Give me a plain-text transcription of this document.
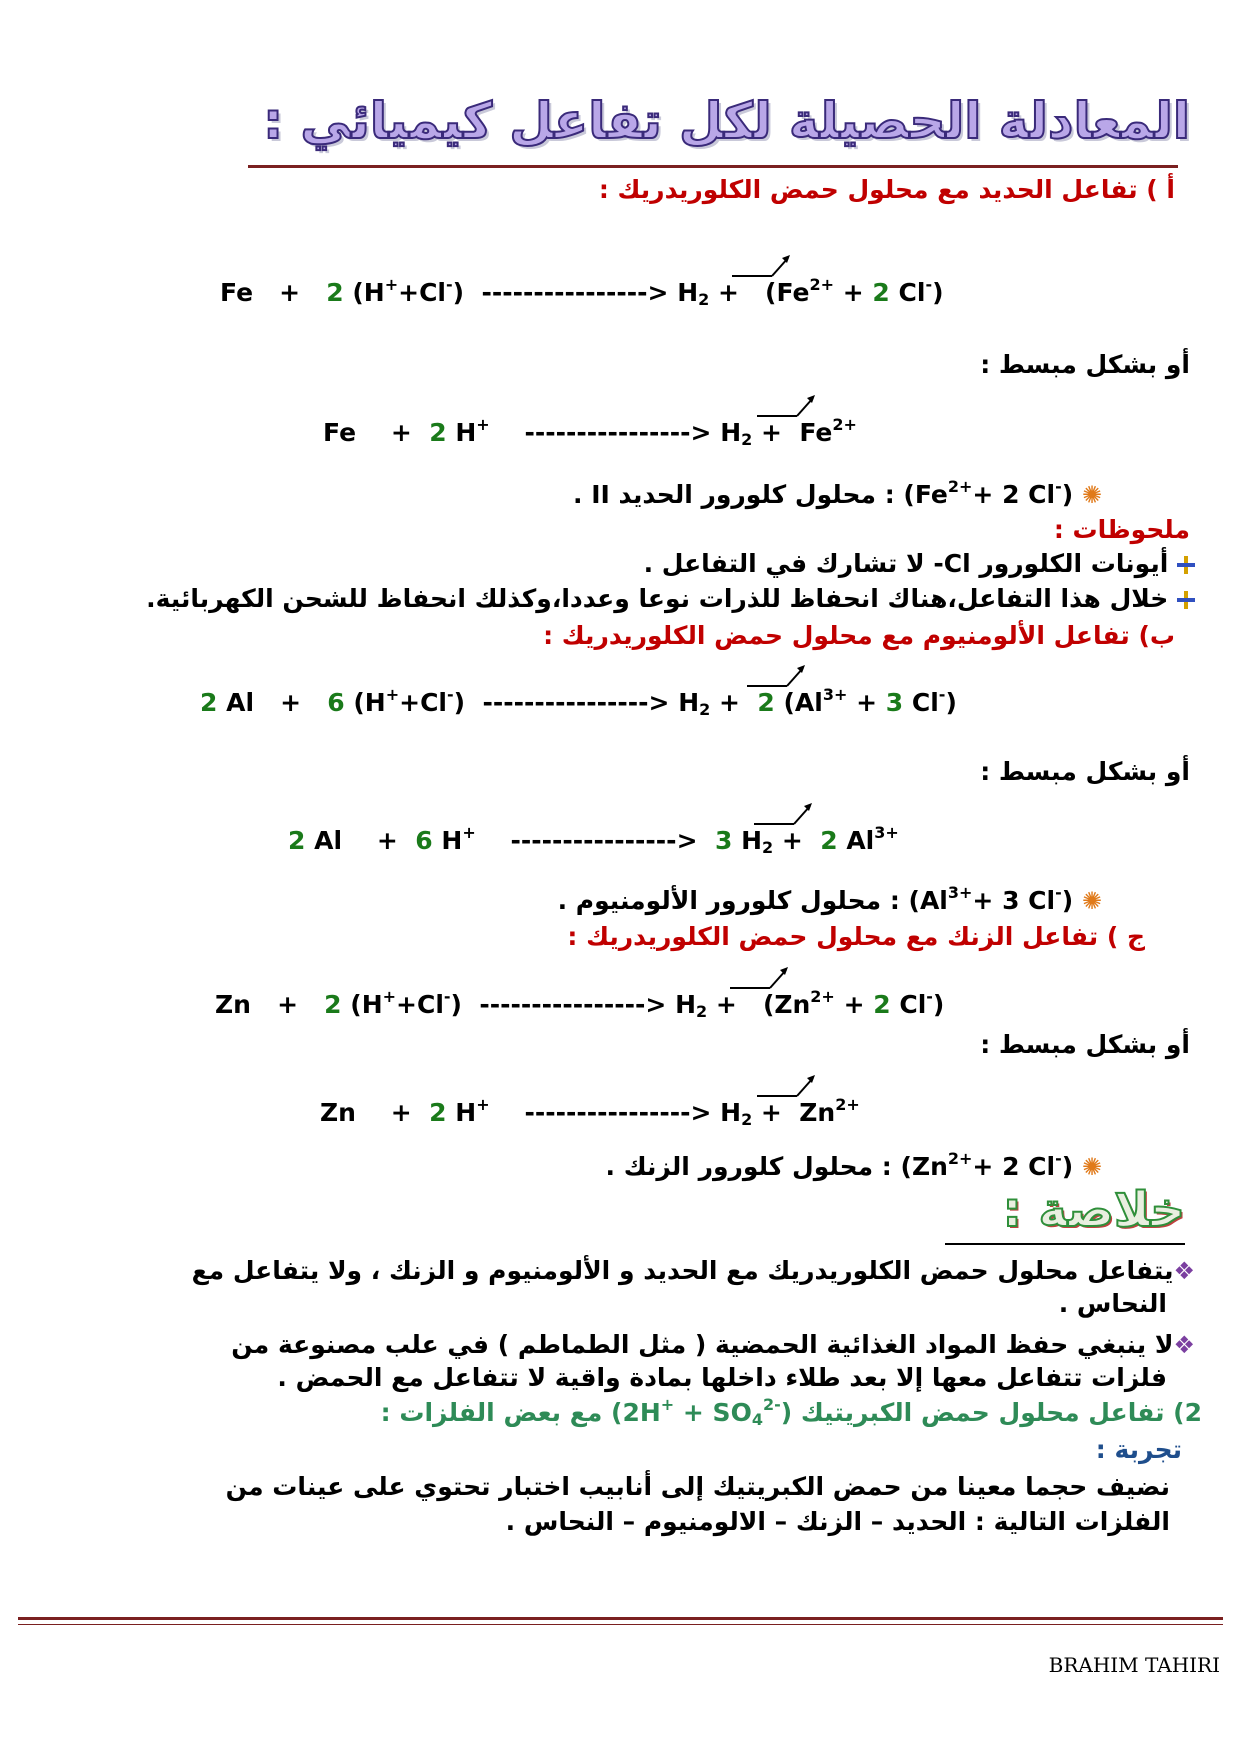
المعادلة الحصيلة لكل تفاعل كيميائي :
أ ) تفاعل الحديد مع محلول حمض الكلوريدريك :
Fe + 2 (H++Cl-) ----------------> $H_2 + (Fe^{2+} + 2$ Cl-)
أو بشكل مبسط :
Fe + 2 H+ ----------------> $H_2 + Fe^{2+}$
✺ ($Fe^{2+}+ 2$ Cl-) : محلول كلورور الحديد II .
ملحوظات :
أيونات الكلورور Cl- لا تشارك في التفاعل .
خلال هذا التفاعل،هناك انحفاظ للذرات نوعا وعددا،وكذلك انحفاظ للشحن الكهربائية.
ب) تفاعل الألومنيوم مع محلول حمض الكلوريدريك :
2 Al + 6 (H++Cl-) ----------------> $H_2 + 2$ ($Al^{3+} + 3$ Cl-)
أو بشكل مبسط :
2 Al + 6 H+ ----------------> 3 $H_2 + 2$ $Al^{3+}$
✺ ($Al^{3+}+ 3$ Cl-) : محلول كلورور الألومنيوم .
ج ) تفاعل الزنك مع محلول حمض الكلوريدريك :
Zn + 2 (H++Cl-) ----------------> $H_2 + (Zn^{2+} + 2$ Cl-)
أو بشكل مبسط :
Zn + 2 H+ ----------------> $H_2 + Zn^{2+}$
✺ ($Zn^{2+}+ 2$ Cl-) : محلول كلورور الزنك .
خلاصة :
❖يتفاعل محلول حمض الكلوريدريك مع الحديد و الألومنيوم و الزنك ، ولا يتفاعل مع
النحاس .
❖لا ينبغي حفظ المواد الغذائية الحمضية ( مثل الطماطم ) في علب مصنوعة من
فلزات تتفاعل معها إلا بعد طلاء داخلها بمادة واقية لا تتفاعل مع الحمض .
2) تفاعل محلول حمض الكبريتيك $(2H^+ + SO_4^{2-})$ مع بعض الفلزات :
تجربة :
نضيف حجما معينا من حمض الكبريتيك إلى أنابيب اختبار تحتوي على عينات من
الفلزات التالية : الحديد – الزنك – الالومنيوم – النحاس .
BRAHIM TAHIRI
